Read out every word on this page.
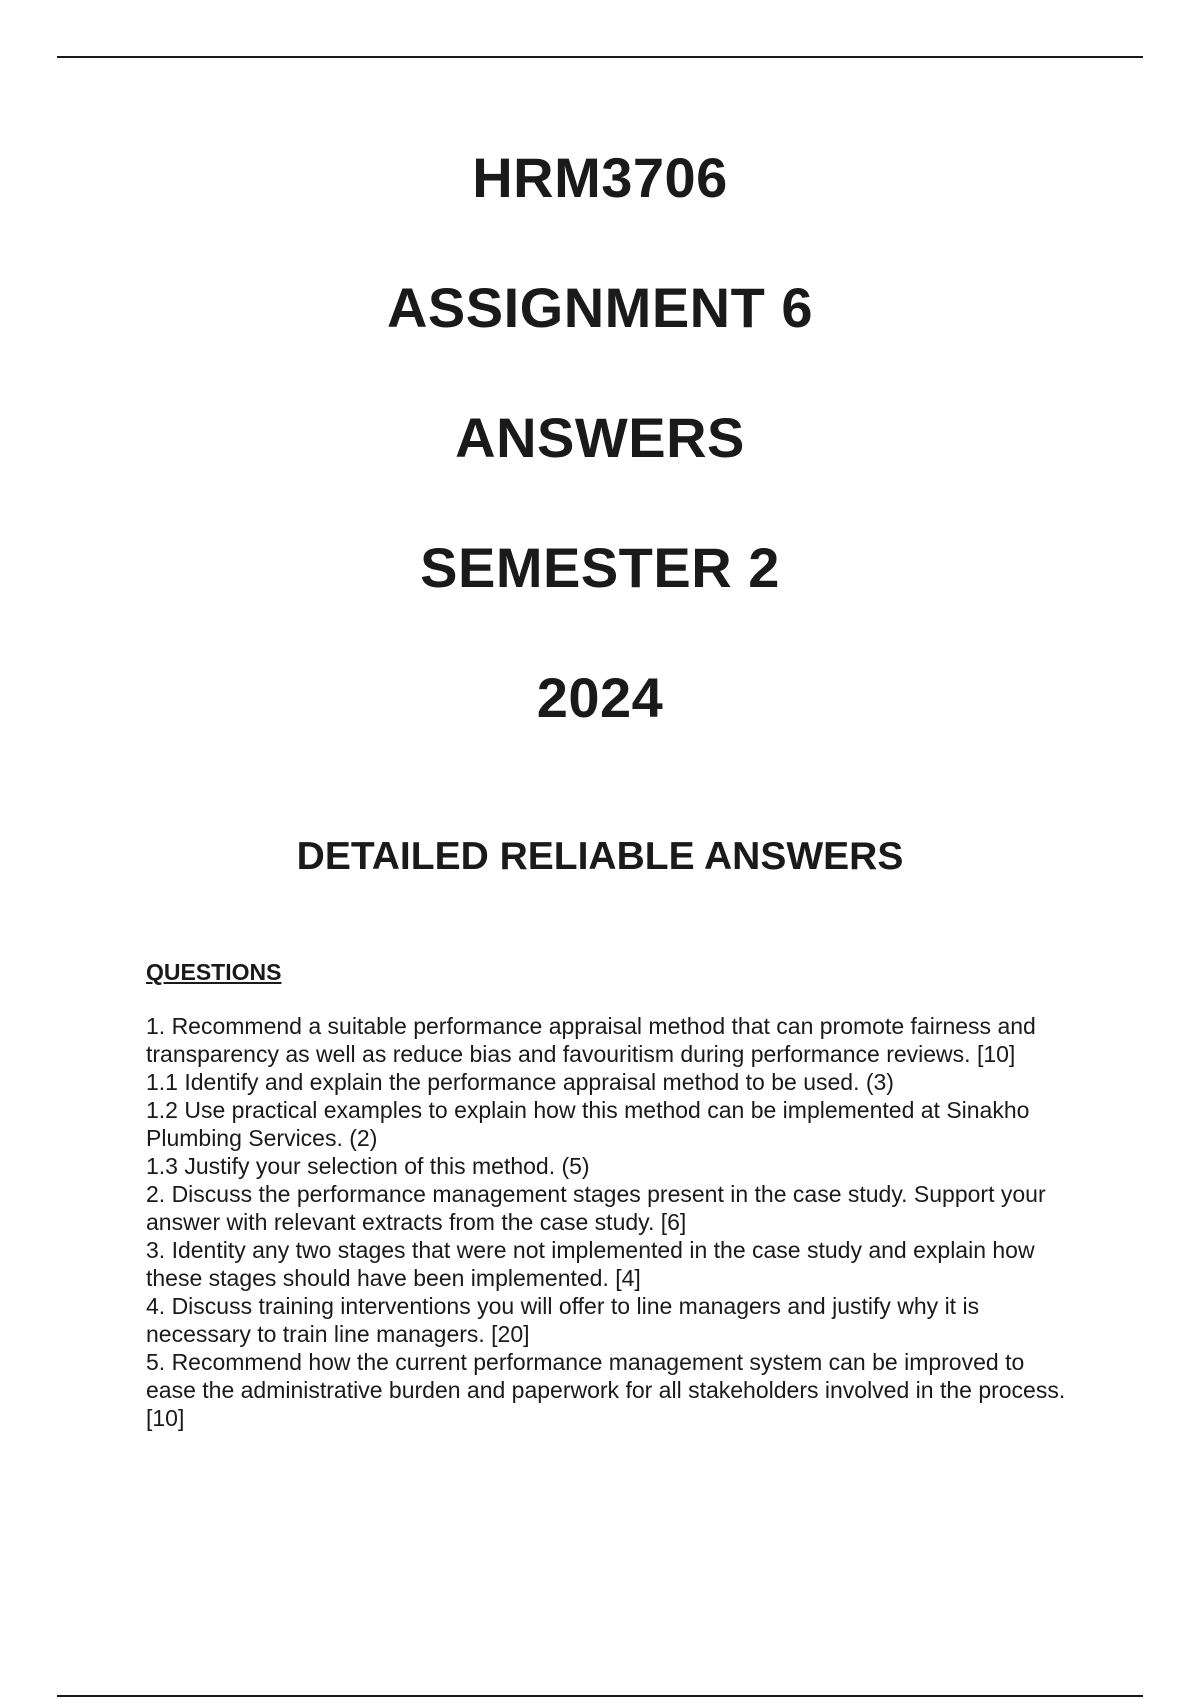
HRM3706
ASSIGNMENT 6
ANSWERS
SEMESTER 2
2024
DETAILED RELIABLE ANSWERS
QUESTIONS
1. Recommend a suitable performance appraisal method that can promote fairness and transparency as well as reduce bias and favouritism during performance reviews. [10]
1.1 Identify and explain the performance appraisal method to be used. (3)
1.2 Use practical examples to explain how this method can be implemented at Sinakho Plumbing Services. (2)
1.3 Justify your selection of this method. (5)
2. Discuss the performance management stages present in the case study. Support your answer with relevant extracts from the case study. [6]
3. Identity any two stages that were not implemented in the case study and explain how these stages should have been implemented. [4]
4. Discuss training interventions you will offer to line managers and justify why it is necessary to train line managers. [20]
5. Recommend how the current performance management system can be improved to ease the administrative burden and paperwork for all stakeholders involved in the process. [10]
